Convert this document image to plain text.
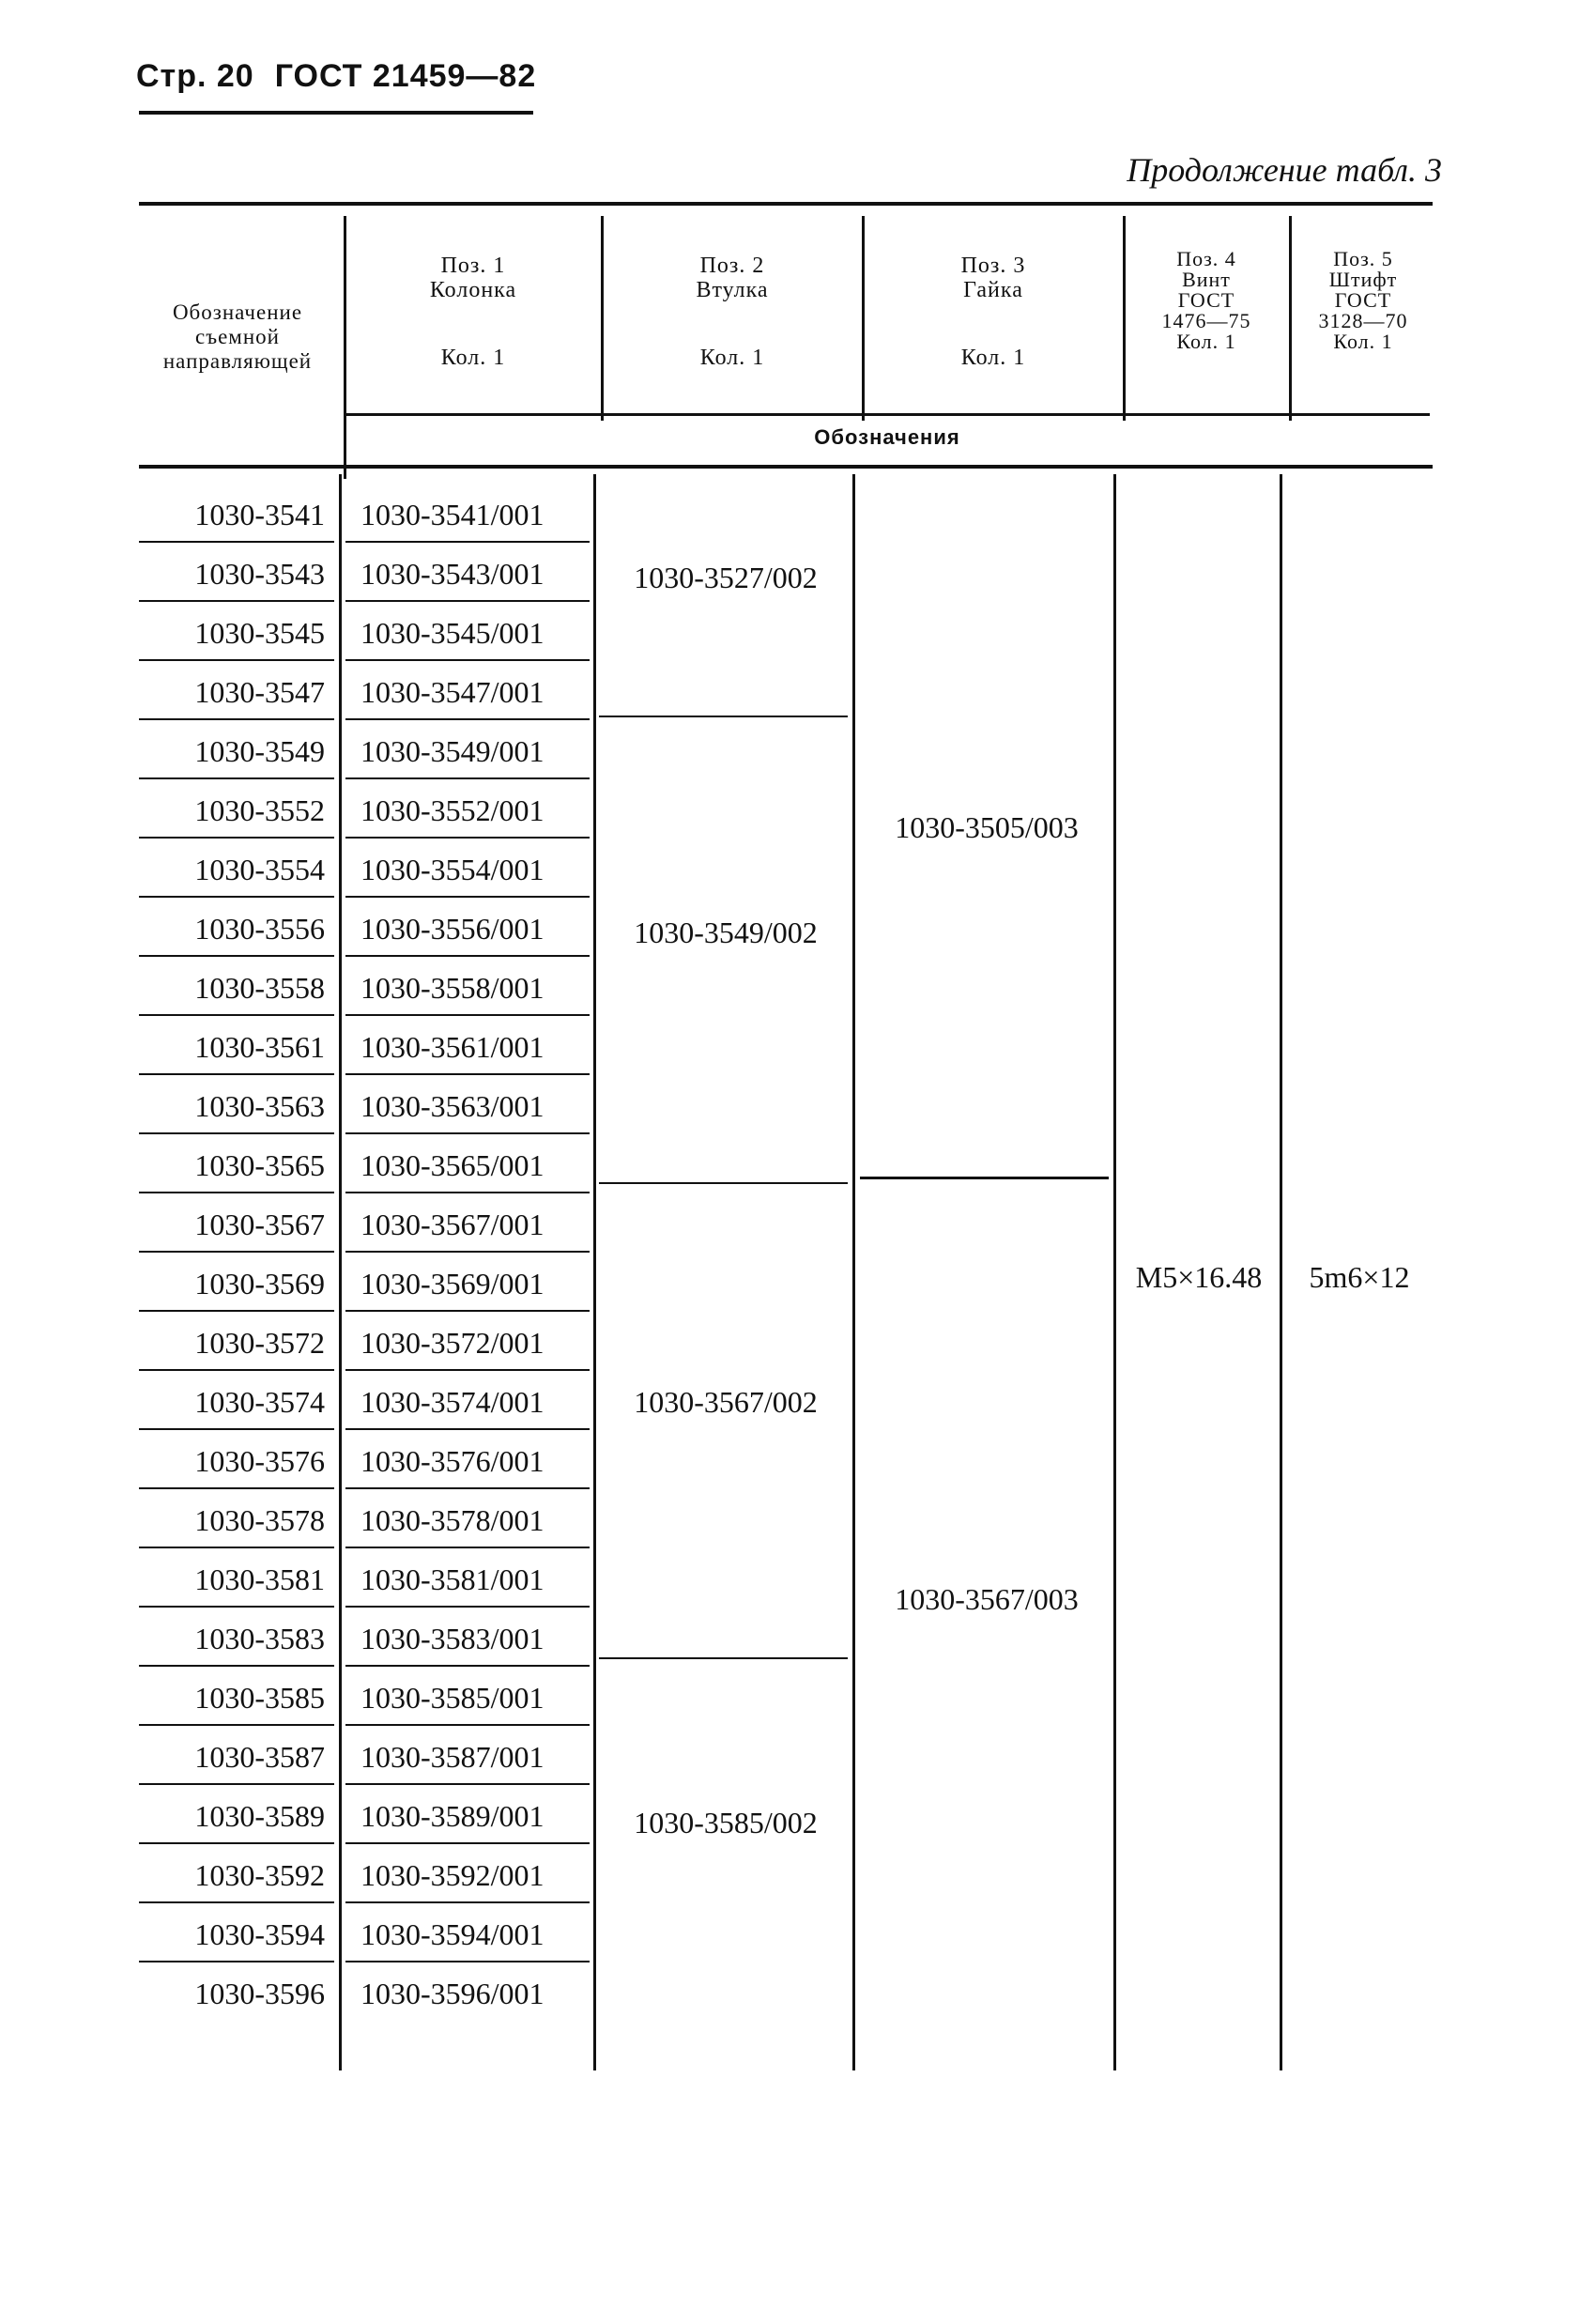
Стр. 20 ГОСТ 21459—82
Продолжение табл. 3
Обозначение съемной направляющей
Поз. 1
Колонка
Кол. 1
Поз. 2
Втулка
Кол. 1
Поз. 3
Гайка
Кол. 1
Поз. 4
Винт
ГОСТ 1476—75
Кол. 1
Поз. 5
Штифт
ГОСТ 3128—70
Кол. 1
Обозначения
1030-3541 1030-3541/001
1030-3543 1030-3543/001
1030-3545 1030-3545/001
1030-3547 1030-3547/001
1030-3549 1030-3549/001
1030-3552 1030-3552/001
1030-3554 1030-3554/001
1030-3556 1030-3556/001
1030-3558 1030-3558/001
1030-3561 1030-3561/001
1030-3563 1030-3563/001
1030-3565 1030-3565/001
1030-3567 1030-3567/001
1030-3569 1030-3569/001
1030-3572 1030-3572/001
1030-3574 1030-3574/001
1030-3576 1030-3576/001
1030-3578 1030-3578/001
1030-3581 1030-3581/001
1030-3583 1030-3583/001
1030-3585 1030-3585/001
1030-3587 1030-3587/001
1030-3589 1030-3589/001
1030-3592 1030-3592/001
1030-3594 1030-3594/001
1030-3596 1030-3596/001
1030-3527/002
1030-3549/002
1030-3567/002
1030-3585/002
1030-3505/003
1030-3567/003
M5×16.48	5m6×12
